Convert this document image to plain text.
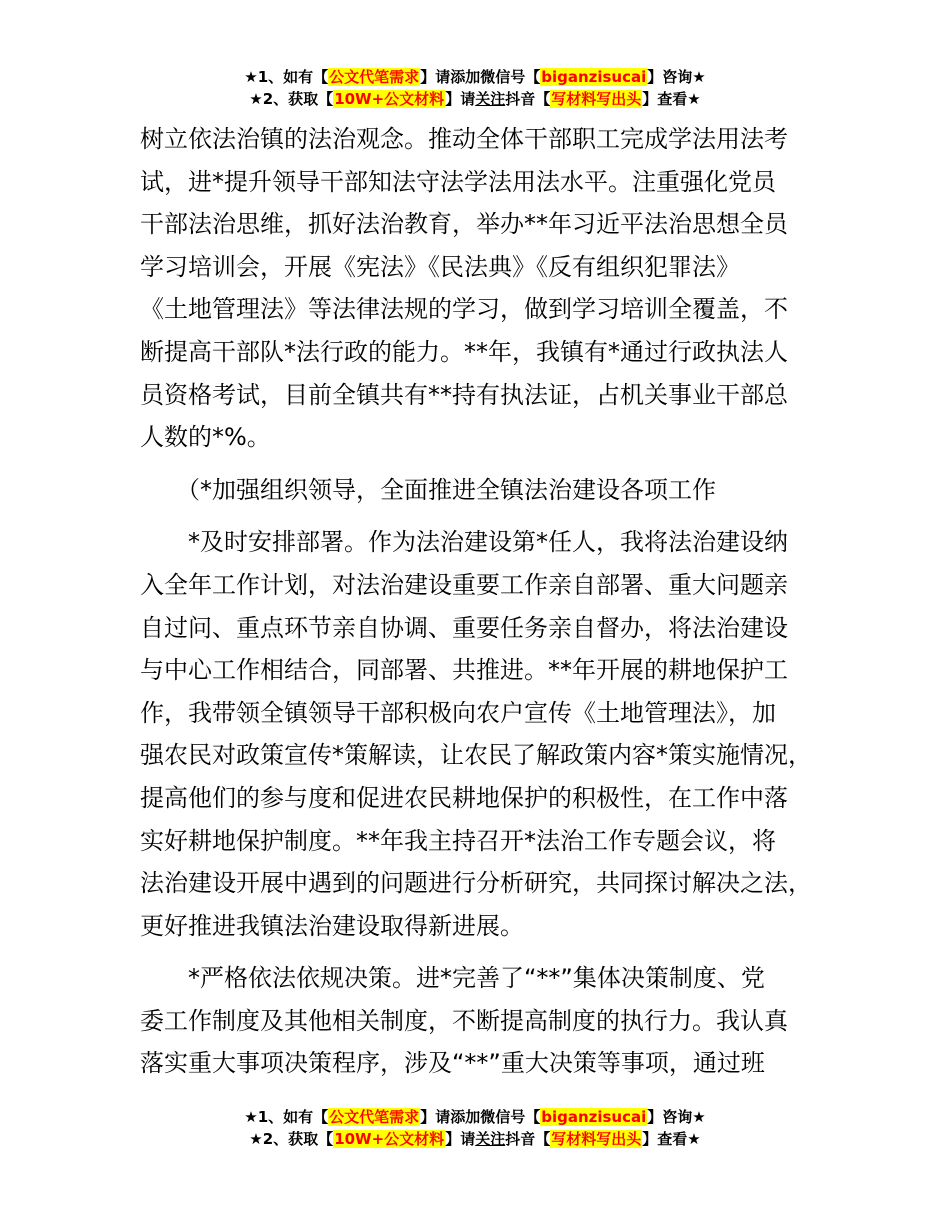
★1、如有【公文代笔需求】请添加微信号【biganzisucai】咨询★
★2、获取【10W+公文材料】请关注抖音【写材料写出头】查看★
树立依法治镇的法治观念。推动全体干部职工完成学法用法考
试，进*提升领导干部知法守法学法用法水平。注重强化党员
干部法治思维，抓好法治教育，举办**年习近平法治思想全员
学习培训会，开展《宪法》《民法典》《反有组织犯罪法》
《土地管理法》等法律法规的学习，做到学习培训全覆盖，不
断提高干部队*法行政的能力。**年，我镇有*通过行政执法人
员资格考试，目前全镇共有**持有执法证，占机关事业干部总
人数的*%。
（*加强组织领导，全面推进全镇法治建设各项工作
*及时安排部署。作为法治建设第*任人，我将法治建设纳
入全年工作计划，对法治建设重要工作亲自部署、重大问题亲
自过问、重点环节亲自协调、重要任务亲自督办，将法治建设
与中心工作相结合，同部署、共推进。**年开展的耕地保护工
作，我带领全镇领导干部积极向农户宣传《土地管理法》，加
强农民对政策宣传*策解读，让农民了解政策内容*策实施情况，
提高他们的参与度和促进农民耕地保护的积极性，在工作中落
实好耕地保护制度。**年我主持召开*法治工作专题会议，将
法治建设开展中遇到的问题进行分析研究，共同探讨解决之法，
更好推进我镇法治建设取得新进展。
*严格依法依规决策。进*完善了“**”集体决策制度、党
委工作制度及其他相关制度，不断提高制度的执行力。我认真
落实重大事项决策程序，涉及“**”重大决策等事项，通过班
★1、如有【公文代笔需求】请添加微信号【biganzisucai】咨询★
★2、获取【10W+公文材料】请关注抖音【写材料写出头】查看★
